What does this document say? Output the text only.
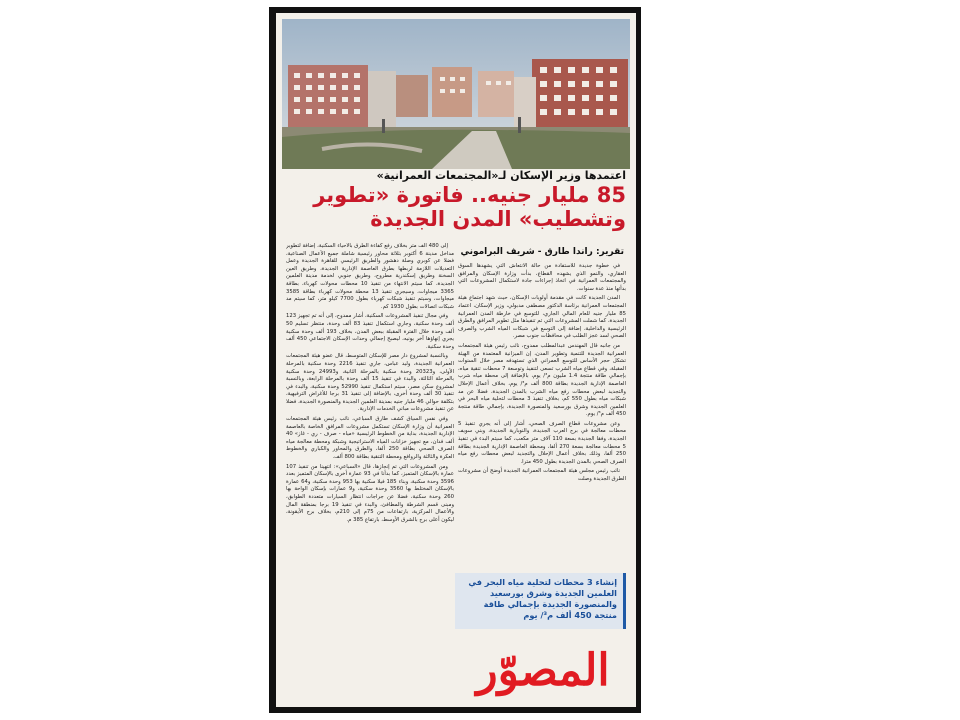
اعتمدها وزير الإسكان لـ«المجتمعات العمرانية»
85 مليار جنيه.. فاتورة «تطوير وتشطيب» المدن الجديدة
تقرير: راندا طارق - شريف البراموني

في خطوة جديدة للاستفادة من حالة الانتعاش التي يشهدها السوق العقاري، والنمو الذي يشهده القطاع، بدأت وزارة الإسكان والمرافق والمجتمعات العمرانية في اتخاذ إجراءات جادة لاستكمال المشروعات التي بدأتها منذ عدة سنوات.

المدن الجديدة كانت في مقدمة أولويات الإسكان، حيث شهد اجتماع هيئة المجتمعات العمرانية برئاسة الدكتور مصطفى مدبولي، وزير الإسكان، اعتماد 85 مليار جنيه للعام المالي الجاري، للتوسع في خارطة المدن العمرانية الجديدة، كما شملت المشروعات التي تم تنفيذها مثل تطوير المرافق والطرق الرئيسية والداخلية، إضافة إلى التوسع في شبكات المياه الشرب والصرف الصحي لسد عجز الطلب في محافظات جنوب مصر.

من جانبه قال المهندس عبدالمطلب ممدوح، نائب رئيس هيئة المجتمعات العمرانية الجديدة للتنمية وتطوير المدن، إن الميزانية المعتمدة من الهيئة تشكل حجر الأساس للتوسع العمراني الذي تستهدفه مصر خلال السنوات المقبلة، وفي قطاع مياه الشرب تسعى لتنفيذ وتوسعة 7 محطات تنقية مياه، بإجمالي طاقة منتجة 1.4 مليون م³/ يوم، بالإضافة إلى محطة مياه شرب العاصمة الإدارية الجديدة بطاقة 800 ألف م³/ يوم، بخلاف أعمال الإحلال والتجديد لبعض محطات رفع مياه الشرب بالمدن الجديدة، فضلا عن مد شبكات مياه بطول 550 كم، بخلاف تنفيذ 3 محطات لتحلية مياه البحر في العلمين الجديدة وشرق بورسعيد والمنصورة الجديدة، بإجمالي طاقة منتجة 450 ألف م³/ يوم.

وعن مشروعات قطاع الصرف الصحي، أشار إلى أنه يجري تنفيذ 5 محطات معالجة في برج العرب الجديدة، والنوبارية الجديدة، وبني سويف الجديدة، وفقا الجديدة بسعة 110 آلاف متر مكعب، كما سيتم البدء في تنفيذ 5 محطات معالجة بسعة 270 ألفا، ومحطة العاصمة الإدارية الجديدة بطاقة 250 ألفا، وذلك بخلاف أعمال الإحلال والتجديد لبعض محطات رفع مياه الصرف الصحي بالمدن الجديدة بطول 450 مترا.

نائب رئيس مجلس هيئة المجتمعات العمرانية الجديدة أوضح أن مشروعات الطرق الجديدة وصلت

إنشاء 3 محطات لتحلية مياه البحر في العلمين الجديدة وشرق بورسعيد والمنصورة الجديدة بإجمالي طاقة منتجة 450 ألف م³/ يوم

إلى 480 ألف متر بخلاف رفع كفاءة الطرق بالأحياء السكنية، إضافة لتطوير مداخل مدينة 6 أكتوبر بثلاثة محاور رئيسية شاملة جميع الأعمال الصناعية، فضلا عن كوبري وصلة دهشور والطريق الرئيسي للقاهرة الجديدة وعمل التعديلات اللازمة لربطها بطرق العاصمة الإدارية الجديدة، وطريق العين السخنة وطريق إسكندرية مطروح، وطريق جنوبي لخدمة مدينة العلمين الجديدة، كما سيتم الانتهاء من تنفيذ 10 محطات محولات كهرباء، بطاقة 3365 ميجاوات، وسيجري تنفيذ 13 محطة محولات كهرباء بطاقة 3585 ميجاوات، وسيتم تنفيذ شبكات كهرباء بطول 7700 كيلو متر، كما سيتم مد شبكات اتصالات بطول 1930 كم.

وفي مجال تنفيذ المشروعات السكنية، أشار ممدوح، إلى أنه تم تجهيز 123 ألف وحدة سكنية، وجاري استكمال تنفيذ 83 ألف وحدة، منتظر تسليم 50 ألف وحدة خلال الفترة المقبلة ببعض المدن، بخلاف 193 ألف وحدة سكنية يجري إنهاؤها آخر يونيه، ليصبح إجمالي وحدات الإسكان الاجتماعي 450 ألف وحدة سكنية.

وبالنسبة لمشروع دار مصر للإسكان المتوسط، قال عضو هيئة المجتمعات العمرانية الجديدة، وليد عباس، جاري تنفيذ 2216 وحدة سكنية بالمرحلة الأولى، و20323 وحدة سكنية بالمرحلة الثانية، و24993 وحدة سكنية بالمرحلة الثالثة، والبدء في تنفيذ 15 ألف وحدة بالمرحلة الرابعة، وبالنسبة لمشروع سكن مصر، سيتم استكمال تنفيذ 52990 وحدة سكنية، والبدء في تنفيذ 30 ألف وحدة أخرى، بالإضافة إلى تنفيذ 31 برجا للأغراض الترفيهية، بتكلفة حوالي 46 مليار جنيه بمدينة العلمين الجديدة والمنصورة الجديدة، فضلا عن تنفيذ مشروعات مباني الخدمات الإدارية.

وفي نفس السياق كشف طارق السباعي، نائب رئيس هيئة المجتمعات العمرانية أن وزارة الإسكان تستكمل مشروعات المرافق الخاصة بالعاصمة الإدارية الجديدة، بداية من الخطوط الرئيسية «مياه - صرف - ري - غاز» 40 ألف فدان، مع تجهيز خزانات المياه الاستراتيجية وشبكة ومحطة معالجة مياه الصرف الصحي بطاقة 250 ألفا، والطرق والمحاور والكباري والخطوط العكرة والثالثة والروافع ومحطة التنقية بطاقة 800 ألف.

ومن المشروعات التي تم إنجازها، قال «السباعي»: انتهينا من تنفيذ 107 عمارة بالإسكان المتميز، كما بدأنا في 93 عمارة أخرى بالإسكان المتميز بعدد 3596 وحدة سكنية، وبناء 185 فيلا سكنية بها 953 وحدة سكنية، و64 عمارة بالإسكان المختلط بها 3560 وحدة سكنية، و9 عمارات بإسكان الواحة بها 260 وحدة سكنية، فضلا عن جراجات انتظار السيارات متعددة الطوابق، ومبنى قسم الشرطة والمطافئ، والبدء في تنفيذ 19 برجا بمنطقة المال والأعمال المركزية، بارتفاعات من 75م إلى 210م، بخلاف برج الأيقونة، ليكون أعلى برج بالشرق الأوسط، بارتفاع 385 م.

المصوّر
